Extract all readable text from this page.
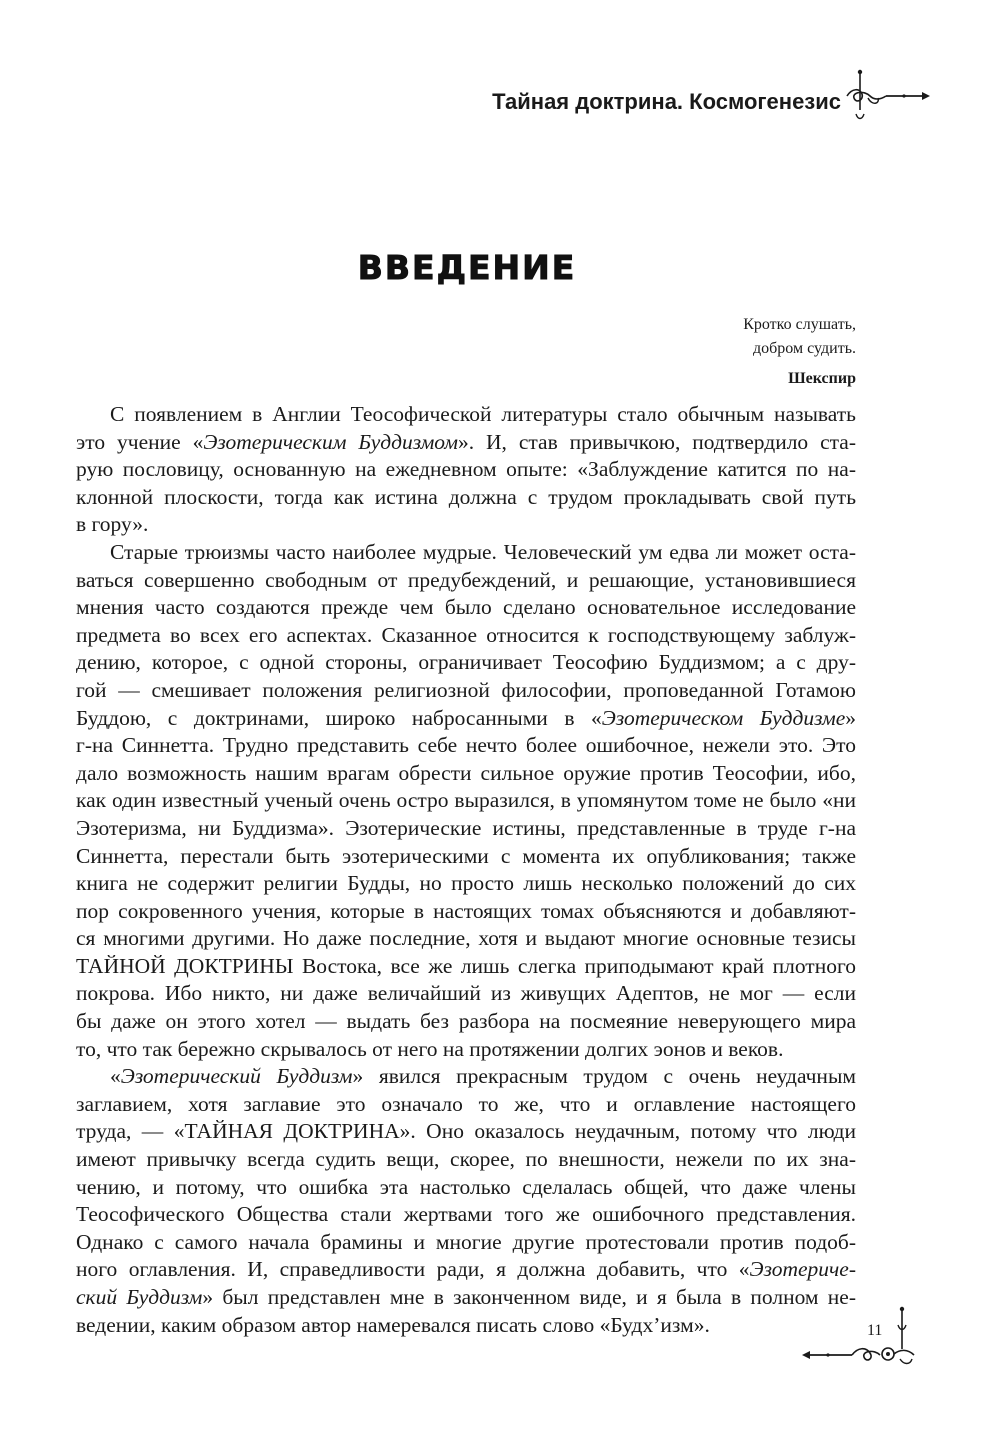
Тайная доктрина. Космогенезис
ВВЕДЕНИЕ
Кротко слушать,
добром судить.
Шекспир
С появлением в Англии Теософической литературы стало обычным называть
это учение «Эзотерическим Буддизмом». И, став привычкою, подтвердило ста-
рую пословицу, основанную на ежедневном опыте: «Заблуждение катится по на-
клонной плоскости, тогда как истина должна с трудом прокладывать свой путь
в гору».
Старые трюизмы часто наиболее мудрые. Человеческий ум едва ли может оста-
ваться совершенно свободным от предубеждений, и решающие, установившиеся
мнения часто создаются прежде чем было сделано основательное исследование
предмета во всех его аспектах. Сказанное относится к господствующему заблуж-
дению, которое, с одной стороны, ограничивает Теософию Буддизмом; а с дру-
гой — смешивает положения религиозной философии, проповеданной Готамою
Буддою, с доктринами, широко набросанными в «Эзотерическом Буддизме»
г-на Синнетта. Трудно представить себе нечто более ошибочное, нежели это. Это
дало возможность нашим врагам обрести сильное оружие против Теософии, ибо,
как один известный ученый очень остро выразился, в упомянутом томе не было «ни
Эзотеризма, ни Буддизма». Эзотерические истины, представленные в труде г-на
Синнетта, перестали быть эзотерическими с момента их опубликования; также
книга не содержит религии Будды, но просто лишь несколько положений до сих
пор сокровенного учения, которые в настоящих томах объясняются и добавляют-
ся многими другими. Но даже последние, хотя и выдают многие основные тезисы
ТАЙНОЙ ДОКТРИНЫ Востока, все же лишь слегка приподымают край плотного
покрова. Ибо никто, ни даже величайший из живущих Адептов, не мог — если
бы даже он этого хотел — выдать без разбора на посмеяние неверующего мира
то, что так бережно скрывалось от него на протяжении долгих эонов и веков.
«Эзотерический Буддизм» явился прекрасным трудом с очень неудачным
заглавием, хотя заглавие это означало то же, что и оглавление настоящего
труда, — «ТАЙНАЯ ДОКТРИНА». Оно оказалось неудачным, потому что люди
имеют привычку всегда судить вещи, скорее, по внешности, нежели по их зна-
чению, и потому, что ошибка эта настолько сделалась общей, что даже члены
Теософического Общества стали жертвами того же ошибочного представления.
Однако с самого начала брамины и многие другие протестовали против подоб-
ного оглавления. И, справедливости ради, я должна добавить, что «Эзотериче-
ский Буддизм» был представлен мне в законченном виде, и я была в полном не-
ведении, каким образом автор намеревался писать слово «Будх’изм».	11
